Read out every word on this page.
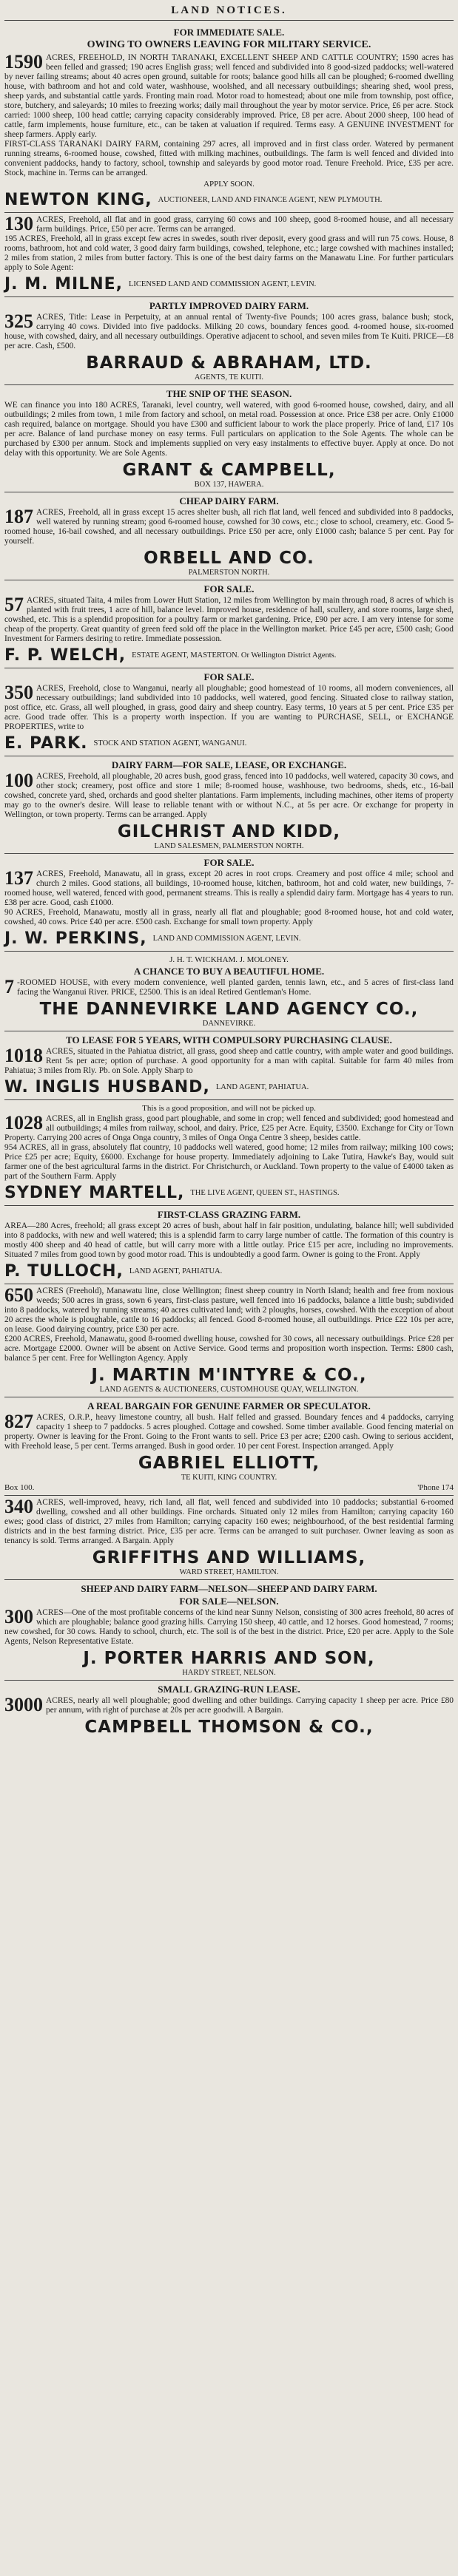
LAND NOTICES.
FOR IMMEDIATE SALE.
OWING TO OWNERS LEAVING FOR MILITARY SERVICE.

1590 ACRES, FREEHOLD, IN NORTH TARANAKI, EXCELLENT SHEEP AND CATTLE COUNTRY; 1590 acres has been felled and grassed; 190 acres English grass; well fenced and subdivided into 8 good-sized paddocks; well-watered by never failing streams; about 40 acres open ground, suitable for roots; balance good hills all can be ploughed; 6-roomed dwelling house, with bathroom and hot and cold water, washhouse, woolshed, and all necessary outbuildings; shearing shed, wool press, sheep yards, and substantial cattle yards. Fronting main road. Motor road to homestead; about one mile from township, post office, store, butchery, and saleyards; 10 miles to freezing works; daily mail throughout the year by motor service. Price, £6 per acre. Stock carried: 1000 sheep, 100 head cattle; carrying capacity considerably improved. Price, £8 per acre. About 2000 sheep, 100 head of cattle, farm implements, house furniture, etc., can be taken at valuation if required. Terms easy. A GENUINE INVESTMENT for sheep farmers. Apply early.

FIRST-CLASS TARANAKI DAIRY FARM, containing 297 acres, all improved and in first class order. Watered by permanent running streams, 6-roomed house, cowshed, fitted with milking machines, outbuildings. The farm is well fenced and divided into convenient paddocks, handy to factory, school, township and saleyards by good motor road. Tenure Freehold. Price, £35 per acre. Stock, machine in. Terms can be arranged.

APPLY SOON.
NEWTON KING, AUCTIONEER, LAND AND FINANCE AGENT, NEW PLYMOUTH.

130 ACRES, Freehold, all flat and in good grass, carrying 60 cows and 100 sheep, good 8-roomed house, and all necessary farm buildings. Price, £50 per acre. Terms can be arranged.

195 ACRES, Freehold, all in grass except few acres in swedes, south river deposit, every good grass and will run 75 cows. House, 8 rooms, bathroom, hot and cold water, 3 good dairy farm buildings, cowshed, telephone, etc.; large cowshed with machines installed; 2 miles from station, 2 miles from butter factory. This is one of the best dairy farms on the Manawatu Line. For further particulars apply to Sole Agent:

J. M. MILNE, LICENSED LAND AND COMMISSION AGENT, LEVIN.
PARTLY IMPROVED DAIRY FARM.

325 ACRES, Title: Lease in Perpetuity, at an annual rental of Twenty-five Pounds; 100 acres grass, balance bush; stock, carrying 40 cows. Divided into five paddocks. Milking 20 cows, boundary fences good. 4-roomed house, six-roomed house, with cowshed, dairy, and all necessary outbuildings. Operative adjacent to school, and seven miles from Te Kuiti. PRICE—£8 per acre. Cash, £500.

BARRAUD & ABRAHAM, LTD.
AGENTS, TE KUITI.
THE SNIP OF THE SEASON.

WE can finance you into 180 ACRES, Taranaki, level country, well watered, with good 6-roomed house, cowshed, dairy, and all outbuildings; 2 miles from town, 1 mile from factory and school, on metal road. Possession at once. Price £38 per acre. Only £1000 cash required, balance on mortgage. Should you have £300 and sufficient labour to work the place properly. Price of land, £17 10s per acre. Balance of land purchase money on easy terms. Full particulars on application to the Sole Agents. The whole can be purchased by £300 per annum. Stock and implements supplied on very easy instalments to effective buyer. Apply at once. Do not delay with this opportunity. We are Sole Agents.

GRANT & CAMPBELL,
BOX 137, HAWERA.
CHEAP DAIRY FARM.

187 ACRES, Freehold, all in grass except 15 acres shelter bush, all rich flat land, well fenced and subdivided into 8 paddocks, well watered by running stream; good 6-roomed house, cowshed for 30 cows, etc.; close to school, creamery, etc. Good 5-roomed house, 16-bail cowshed, and all necessary outbuildings. Price £50 per acre, only £1000 cash; balance 5 per cent. Pay for yourself.

ORBELL AND CO.
PALMERSTON NORTH.
FOR SALE.

57 ACRES, situated Taita, 4 miles from Lower Hutt Station, 12 miles from Wellington by main through road, 8 acres of which is planted with fruit trees, 1 acre of hill, balance level. Improved house, residence of hall, scullery, and store rooms, large shed, cowshed, etc. This is a splendid proposition for a poultry farm or market gardening. Price, £90 per acre. I am very intense for some cheap of the property. Great quantity of green feed sold off the place in the Wellington market. Price £45 per acre, £500 cash; Good Investment for Farmers desiring to retire. Immediate possession.

F. P. WELCH, ESTATE AGENT, MASTERTON. Or Wellington District Agents.
FOR SALE.

350 ACRES, Freehold, close to Wanganui, nearly all ploughable; good homestead of 10 rooms, all modern conveniences, all necessary outbuildings; land subdivided into 10 paddocks, well watered, good fencing. Situated close to railway station, post office, etc. Grass, all well ploughed, in grass, good dairy and sheep country. Easy terms, 10 years at 5 per cent. Price £35 per acre. Good trade offer. This is a property worth inspection. If you are wanting to PURCHASE, SELL, or EXCHANGE PROPERTIES, write to

E. PARK. STOCK AND STATION AGENT, WANGANUI.
DAIRY FARM—FOR SALE, LEASE, OR EXCHANGE.

100 ACRES, Freehold, all ploughable, 20 acres bush, good grass, fenced into 10 paddocks, well watered, capacity 30 cows, and other stock; creamery, post office and store 1 mile; 8-roomed house, washhouse, two bedrooms, sheds, etc., 16-bail cowshed, concrete yard, shed, orchards and good shelter plantations. Farm implements, including machines, other items of property may go to the owner's desire. Will lease to reliable tenant with or without N.C., at 5s per acre. Or exchange for property in Wellington, or town property. Terms can be arranged. Apply

GILCHRIST AND KIDD,
LAND SALESMEN, PALMERSTON NORTH.
FOR SALE.

137 ACRES, Freehold, Manawatu, all in grass, except 20 acres in root crops. Creamery and post office 4 mile; school and church 2 miles. Good stations, all buildings, 10-roomed house, kitchen, bathroom, hot and cold water, new buildings, 7-roomed house, well watered, fenced with good, permanent streams. This is really a splendid dairy farm. Mortgage has 4 years to run. £38 per acre. Good, cash £1000.

90 ACRES, Freehold, Manawatu, mostly all in grass, nearly all flat and ploughable; good 8-roomed house, hot and cold water, cowshed, 40 cows. Price £40 per acre. £500 cash. Exchange for small town property. Apply

J. W. PERKINS, LAND AND COMMISSION AGENT, LEVIN.
J. H. T. WICKHAM. J. MOLONEY.
A CHANCE TO BUY A BEAUTIFUL HOME.

7 -ROOMED HOUSE, with every modern convenience, well planted garden, tennis lawn, etc., and 5 acres of first-class land facing the Wanganui River. PRICE, £2500. This is an ideal Retired Gentleman's Home.

THE DANNEVIRKE LAND AGENCY CO.,
DANNEVIRKE.
TO LEASE FOR 5 YEARS, WITH COMPULSORY PURCHASING CLAUSE.

1018 ACRES, situated in the Pahiatua district, all grass, good sheep and cattle country, with ample water and good buildings. Rent 5s per acre; option of purchase. A good opportunity for a man with capital. Suitable for farm 40 miles from Pahiatua; 3 miles from Rly. Pb. on Sole. Apply Sharp to

W. INGLIS HUSBAND, LAND AGENT, PAHIATUA.
This is a good proposition, and will not be picked up.

1028 ACRES, all in English grass, good part ploughable, and some in crop; well fenced and subdivided; good homestead and all outbuildings; 4 miles from railway, school, and dairy. Price, £25 per Acre. Equity, £3500. Exchange for City or Town Property. Carrying 200 acres of Onga Onga country, 3 miles of Onga Onga Centre 3 sheep, besides cattle.

954 ACRES, all in grass, absolutely flat country, 10 paddocks well watered, good home; 12 miles from railway; milking 100 cows; Price £25 per acre; Equity, £6000. Exchange for house property. Immediately adjoining to Lake Tutira, Hawke's Bay, would suit farmer one of the best agricultural farms in the district. For Christchurch, or Auckland. Town property to the value of £4000 taken as part of the Southern Farm. Apply

SYDNEY MARTELL, THE LIVE AGENT, QUEEN ST., HASTINGS.
FIRST-CLASS GRAZING FARM.

AREA—280 Acres, freehold; all grass except 20 acres of bush, about half in fair position, undulating, balance hill; well subdivided into 8 paddocks, with new and well watered; this is a splendid farm to carry large number of cattle. The formation of this country is mostly 400 sheep and 40 head of cattle, but will carry more with a little outlay. Price £15 per acre, including no improvements. Situated 7 miles from good town by good motor road. This is undoubtedly a good farm. Owner is going to the Front. Apply

P. TULLOCH, LAND AGENT, PAHIATUA.

650 ACRES (Freehold), Manawatu line, close Wellington; finest sheep country in North Island; health and free from noxious weeds; 500 acres in grass, sown 6 years, first-class pasture, well fenced into 16 paddocks, balance a little bush; subdivided into 8 paddocks, watered by running streams; 40 acres cultivated land; with 2 ploughs, horses, cowshed. With the exception of about 20 acres the whole is ploughable, cattle to 16 paddocks; all fenced. Good 8-roomed house, all outbuildings. Price £22 10s per acre, on lease. Good dairying country, price £30 per acre.

£200 ACRES, Freehold, Manawatu, good 8-roomed dwelling house, cowshed for 30 cows, all necessary outbuildings. Price £28 per acre. Mortgage £2000. Owner will be absent on Active Service. Good terms and proposition worth inspection. Terms: £800 cash, balance 5 per cent. Free for Wellington Agency. Apply

J. MARTIN M'INTYRE & CO.,
LAND AGENTS & AUCTIONEERS, CUSTOMHOUSE QUAY, WELLINGTON.
A REAL BARGAIN FOR GENUINE FARMER OR SPECULATOR.

827 ACRES, O.R.P., heavy limestone country, all bush. Half felled and grassed. Boundary fences and 4 paddocks, carrying capacity 1 sheep to 7 paddocks. 5 acres ploughed. Cottage and cowshed. Some timber available. Good fencing material on property. Owner is leaving for the Front. Going to the Front wants to sell. Price £3 per acre; £200 cash. Owing to serious accident, with Freehold lease, 5 per cent. Terms arranged. Bush in good order. 10 per cent Forest. Inspection arranged. Apply

GABRIEL ELLIOTT,
TE KUITI, KING COUNTRY.
Box 100.	'Phone 174

340 ACRES, well-improved, heavy, rich land, all flat, well fenced and subdivided into 10 paddocks; substantial 6-roomed dwelling, cowshed and all other buildings. Fine orchards. Situated only 12 miles from Hamilton; carrying capacity 160 ewes; good class of district, 27 miles from Hamilton; carrying capacity 160 ewes; neighbourhood, of the best residential farming districts and in the best farming district. Price, £35 per acre. Terms can be arranged to suit purchaser. Owner leaving as soon as tenancy is sold. Terms arranged. A Bargain. Apply

GRIFFITHS AND WILLIAMS,
WARD STREET, HAMILTON.
SHEEP AND DAIRY FARM—NELSON—SHEEP AND DAIRY FARM.
FOR SALE—NELSON.

300 ACRES—One of the most profitable concerns of the kind near Sunny Nelson, consisting of 300 acres freehold, 80 acres of which are ploughable; balance good grazing hills. Carrying 150 sheep, 40 cattle, and 12 horses. Good homestead, 7 rooms; new cowshed, for 30 cows. Handy to school, church, etc. The soil is of the best in the district. Price, £20 per acre. Apply to the Sole Agents, Nelson Representative Estate.

J. PORTER HARRIS AND SON,
HARDY STREET, NELSON.
SMALL GRAZING-RUN LEASE.

3000 ACRES, nearly all well ploughable; good dwelling and other buildings. Carrying capacity 1 sheep per acre. Price £80 per annum, with right of purchase at 20s per acre goodwill. A Bargain.

CAMPBELL THOMSON & CO.,
